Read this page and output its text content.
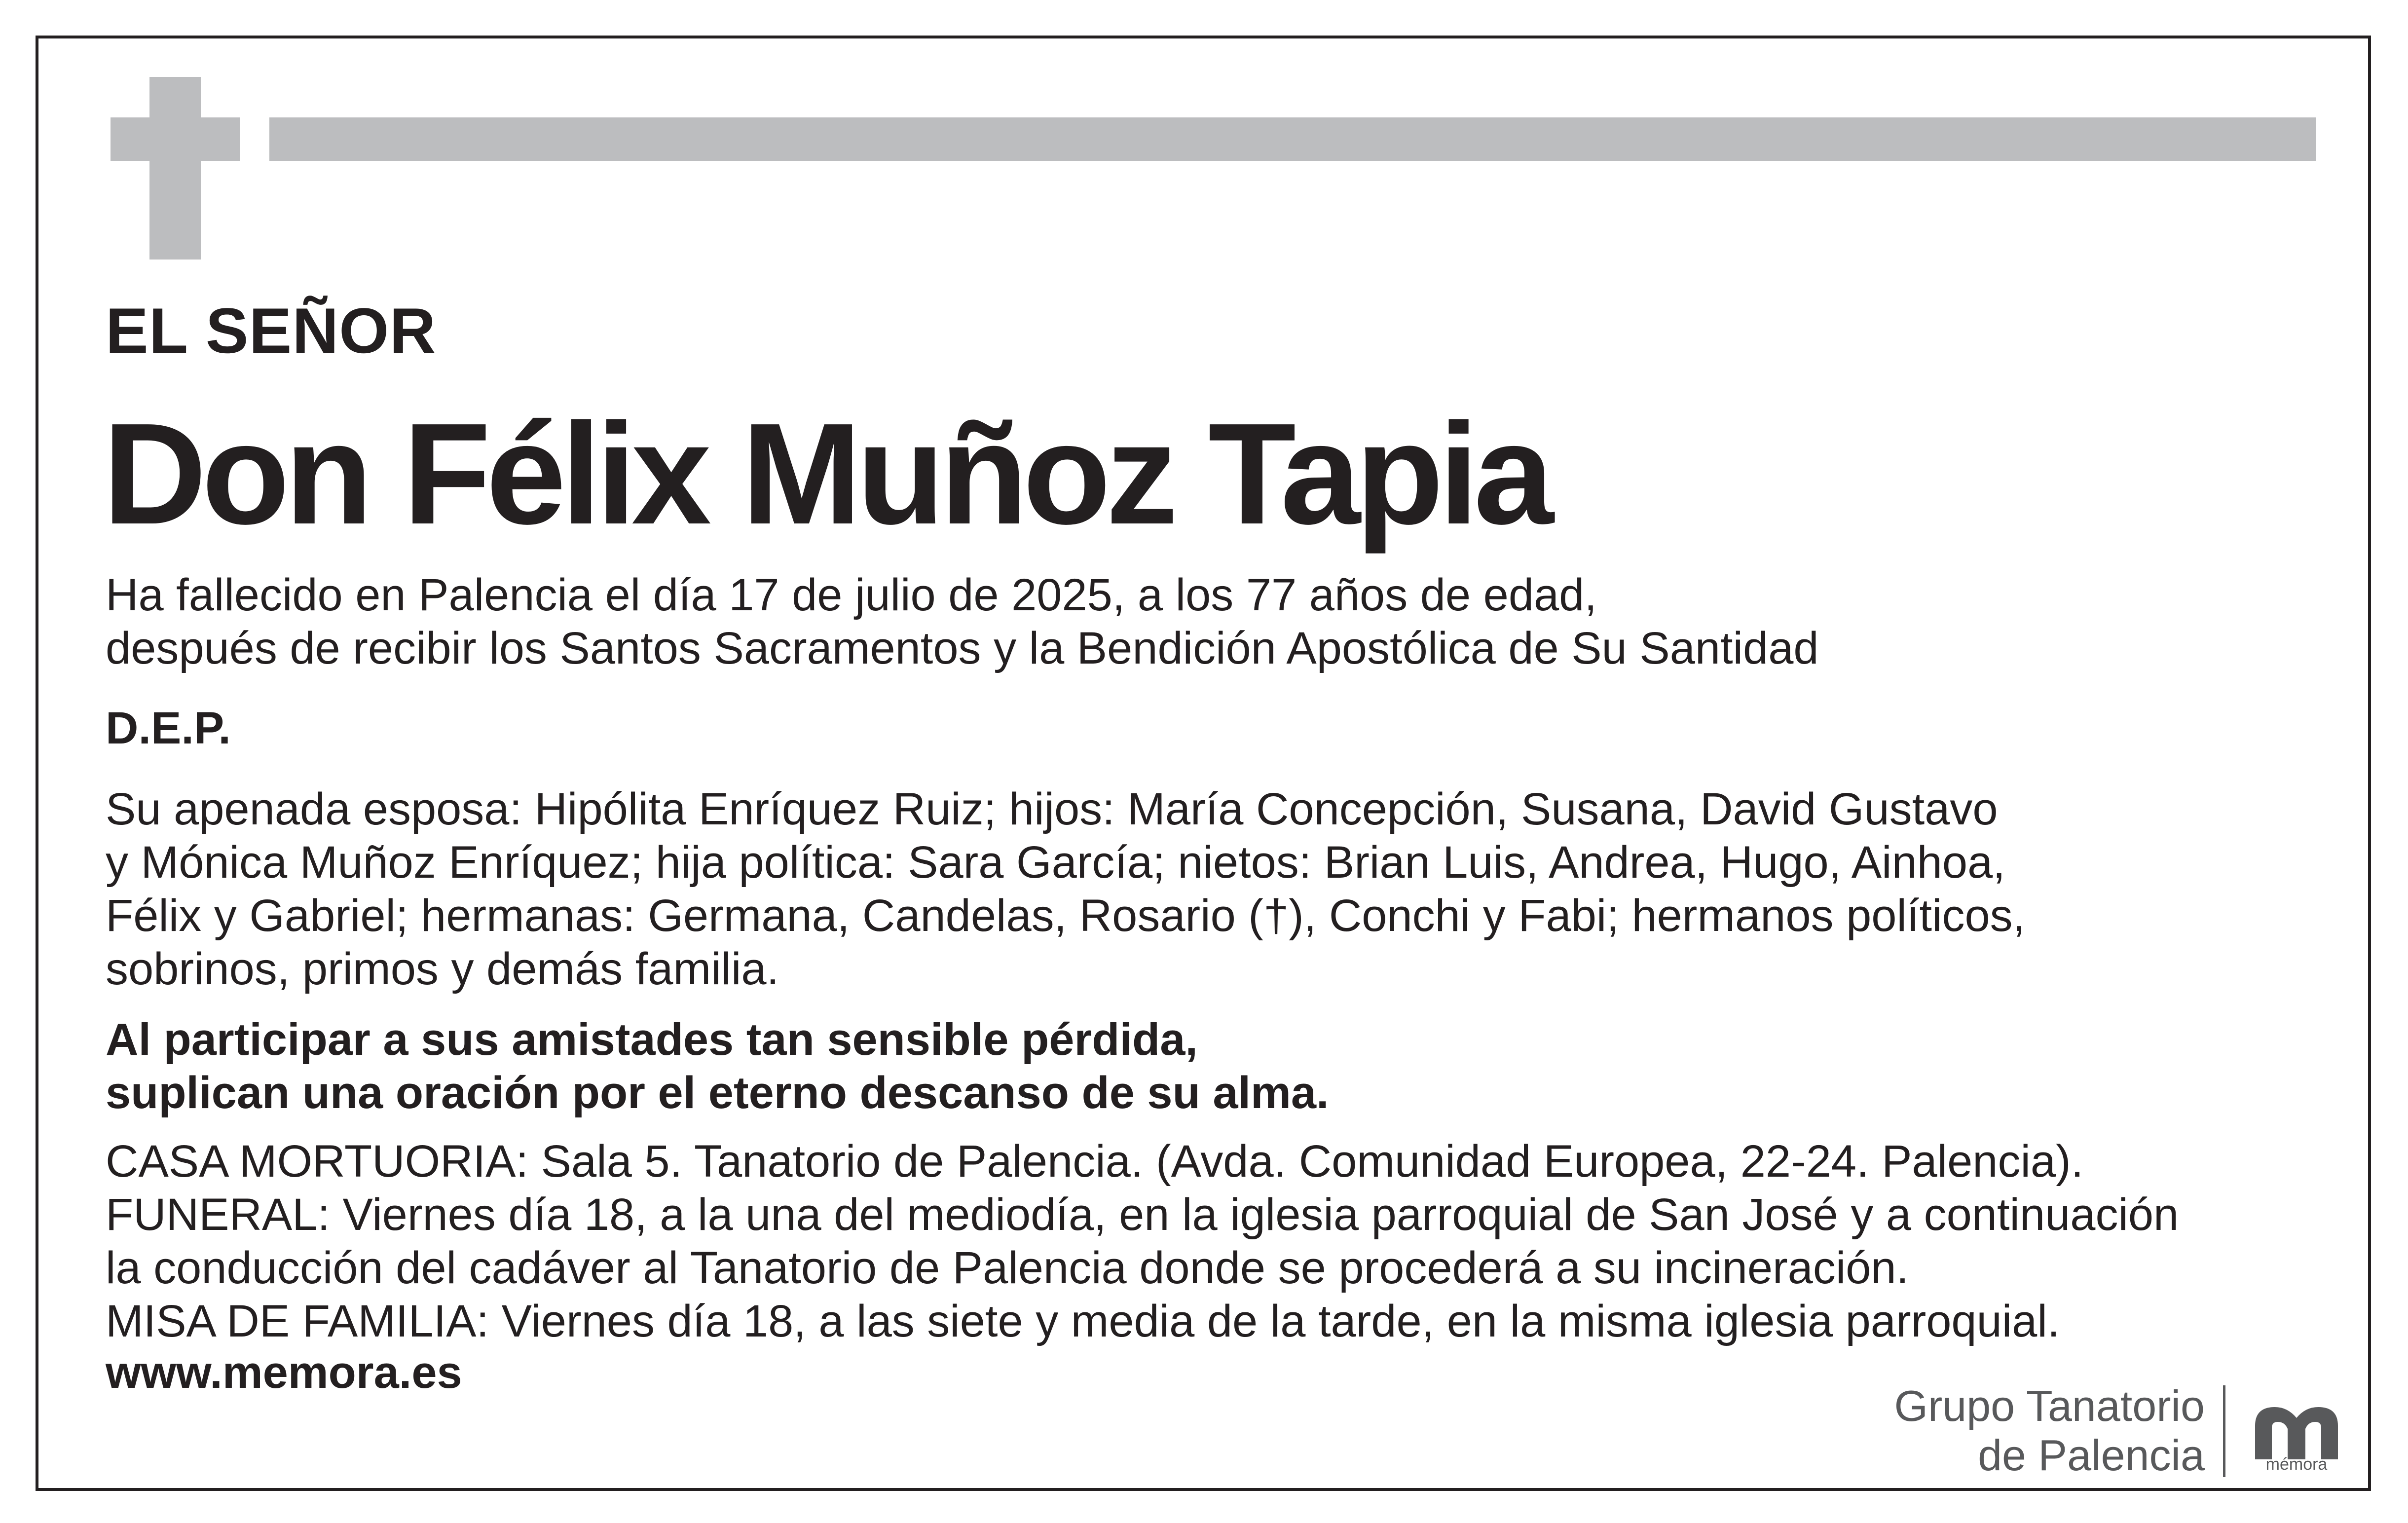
EL SEÑOR
Don Félix Muñoz Tapia
Ha fallecido en Palencia el día 17 de julio de 2025, a los 77 años de edad,
después de recibir los Santos Sacramentos y la Bendición Apostólica de Su Santidad
D.E.P.
Su apenada esposa: Hipólita Enríquez Ruiz; hijos: María Concepción, Susana, David Gustavo
y Mónica Muñoz Enríquez; hija política: Sara García; nietos: Brian Luis, Andrea, Hugo, Ainhoa,
Félix y Gabriel; hermanas: Germana, Candelas, Rosario (†), Conchi y Fabi; hermanos políticos,
sobrinos, primos y demás familia.
Al participar a sus amistades tan sensible pérdida,
suplican una oración por el eterno descanso de su alma.
CASA MORTUORIA: Sala 5. Tanatorio de Palencia. (Avda. Comunidad Europea, 22-24. Palencia).
FUNERAL: Viernes día 18, a la una del mediodía, en la iglesia parroquial de San José y a continuación
la conducción del cadáver al Tanatorio de Palencia donde se procederá a su incineración.
MISA DE FAMILIA: Viernes día 18, a las siete y media de la tarde, en la misma iglesia parroquial.
www.memora.es
Grupo Tanatorio
de Palencia	mémora
